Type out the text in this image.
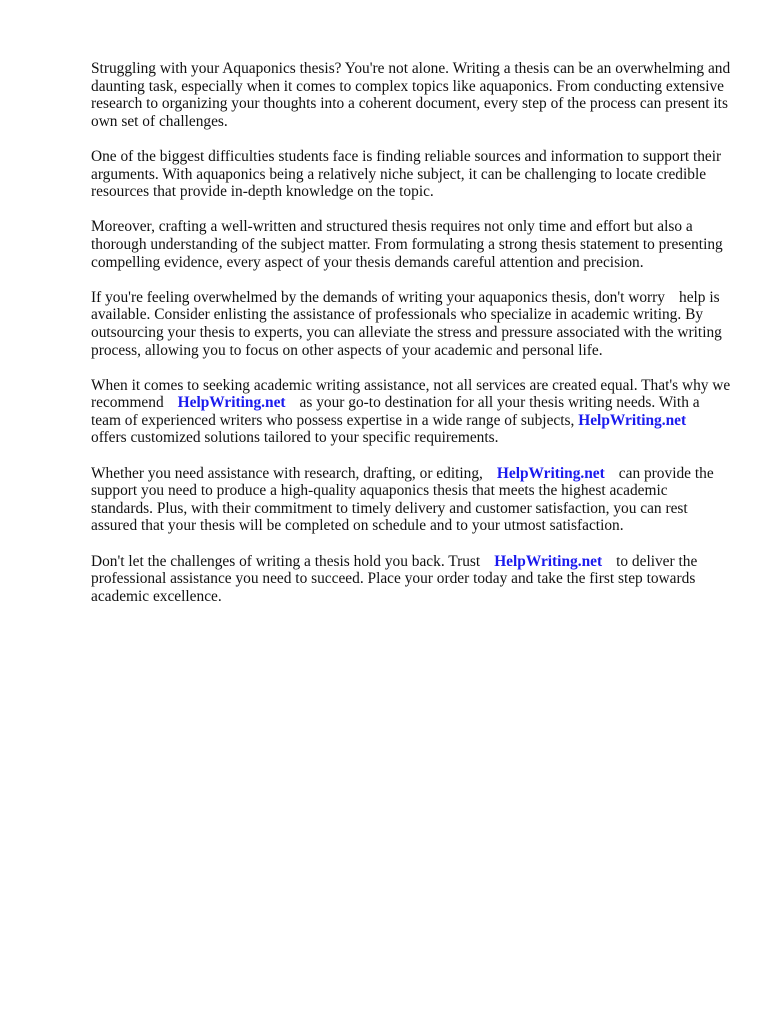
Struggling with your Aquaponics thesis? You're not alone. Writing a thesis can be an overwhelming and daunting task, especially when it comes to complex topics like aquaponics. From conducting extensive research to organizing your thoughts into a coherent document, every step of the process can present its own set of challenges.

One of the biggest difficulties students face is finding reliable sources and information to support their arguments. With aquaponics being a relatively niche subject, it can be challenging to locate credible resources that provide in-depth knowledge on the topic.

Moreover, crafting a well-written and structured thesis requires not only time and effort but also a thorough understanding of the subject matter. From formulating a strong thesis statement to presenting compelling evidence, every aspect of your thesis demands careful attention and precision.

If you're feeling overwhelmed by the demands of writing your aquaponics thesis, don't worry help is available. Consider enlisting the assistance of professionals who specialize in academic writing. By outsourcing your thesis to experts, you can alleviate the stress and pressure associated with the writing process, allowing you to focus on other aspects of your academic and personal life.

When it comes to seeking academic writing assistance, not all services are created equal. That's why we recommend HelpWriting.net as your go-to destination for all your thesis writing needs. With a team of experienced writers who possess expertise in a wide range of subjects, HelpWriting.netoffers customized solutions tailored to your specific requirements.

Whether you need assistance with research, drafting, or editing, HelpWriting.net can provide the support you need to produce a high-quality aquaponics thesis that meets the highest academic standards. Plus, with their commitment to timely delivery and customer satisfaction, you can rest assured that your thesis will be completed on schedule and to your utmost satisfaction.

Don't let the challenges of writing a thesis hold you back. Trust HelpWriting.net to deliver the professional assistance you need to succeed. Place your order today and take the first step towards academic excellence.
